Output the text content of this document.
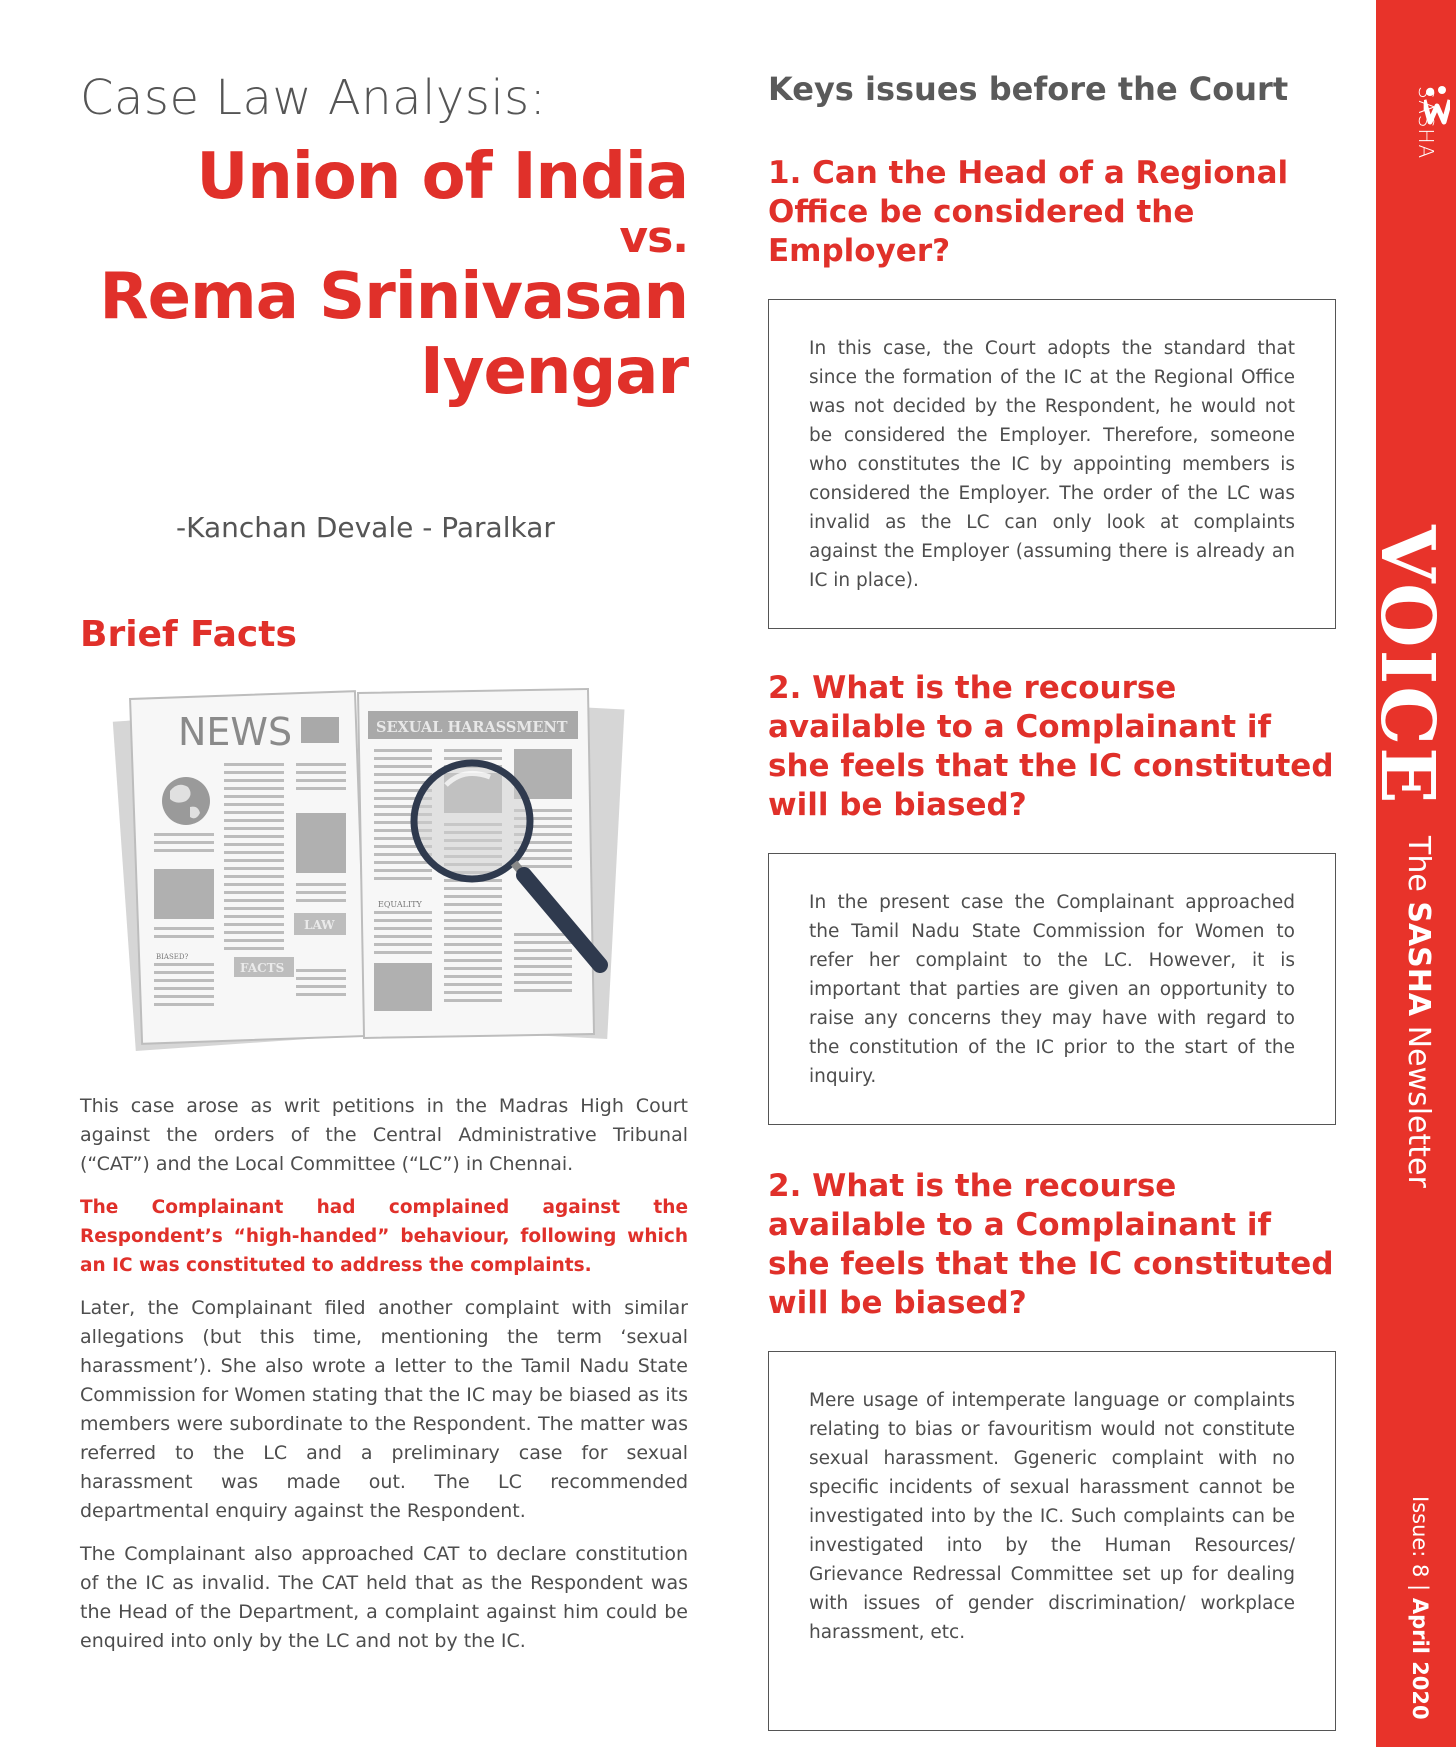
Case Law Analysis:
Union of India
vs.
Rema Srinivasan
Iyengar
-Kanchan Devale - Paralkar
Brief Facts
NEWS	SEXUAL HARASSMENT
LAW
FACTS
BIASED?
EQUALITY

This case arose as writ petitions in the Madras High Court against the orders of the Central Administrative Tribunal (“CAT”) and the Local Committee (“LC”) in Chennai.

The Complainant had complained against the Respondent’s “high-handed” behaviour, following which an IC was constituted to address the complaints.

Later, the Complainant filed another complaint with similar allegations (but this time, mentioning the term ‘sexual harassment’). She also wrote a letter to the Tamil Nadu State Commission for Women stating that the IC may be biased as its members were subordinate to the Respondent. The matter was referred to the LC and a preliminary case for sexual harassment was made out. The LC recommended departmental enquiry against the Respondent.

The Complainant also approached CAT to declare constitution of the IC as invalid. The CAT held that as the Respondent was the Head of the Department, a complaint against him could be enquired into only by the LC and not by the IC.

Keys issues before the Court
1. Can the Head of a Regional Office be considered the Employer?

In this case, the Court adopts the standard that since the formation of the IC at the Regional Office was not decided by the Respondent, he would not be considered the Employer. Therefore, someone who constitutes the IC by appointing members is considered the Employer. The order of the LC was invalid as the LC can only look at complaints against the Employer (assuming there is already an IC in place).

2. What is the recourse available to a Complainant if she feels that the IC constituted will be biased?

In the present case the Complainant approached the Tamil Nadu State Commission for Women to refer her complaint to the LC. However, it is important that parties are given an opportunity to raise any concerns they may have with regard to the constitution of the IC prior to the start of the inquiry.

2. What is the recourse available to a Complainant if she feels that the IC constituted will be biased?

Mere usage of intemperate language or complaints relating to bias or favouritism would not constitute sexual harassment. Ggeneric complaint with no specific incidents of sexual harassment cannot be investigated into by the IC. Such complaints can be investigated into by the Human Resources/ Grievance Redressal Committee set up for dealing with issues of gender discrimination/ workplace harassment, etc.

SASHA
VOICE
The SASHA Newsletter
Issue: 8 | April 2020
